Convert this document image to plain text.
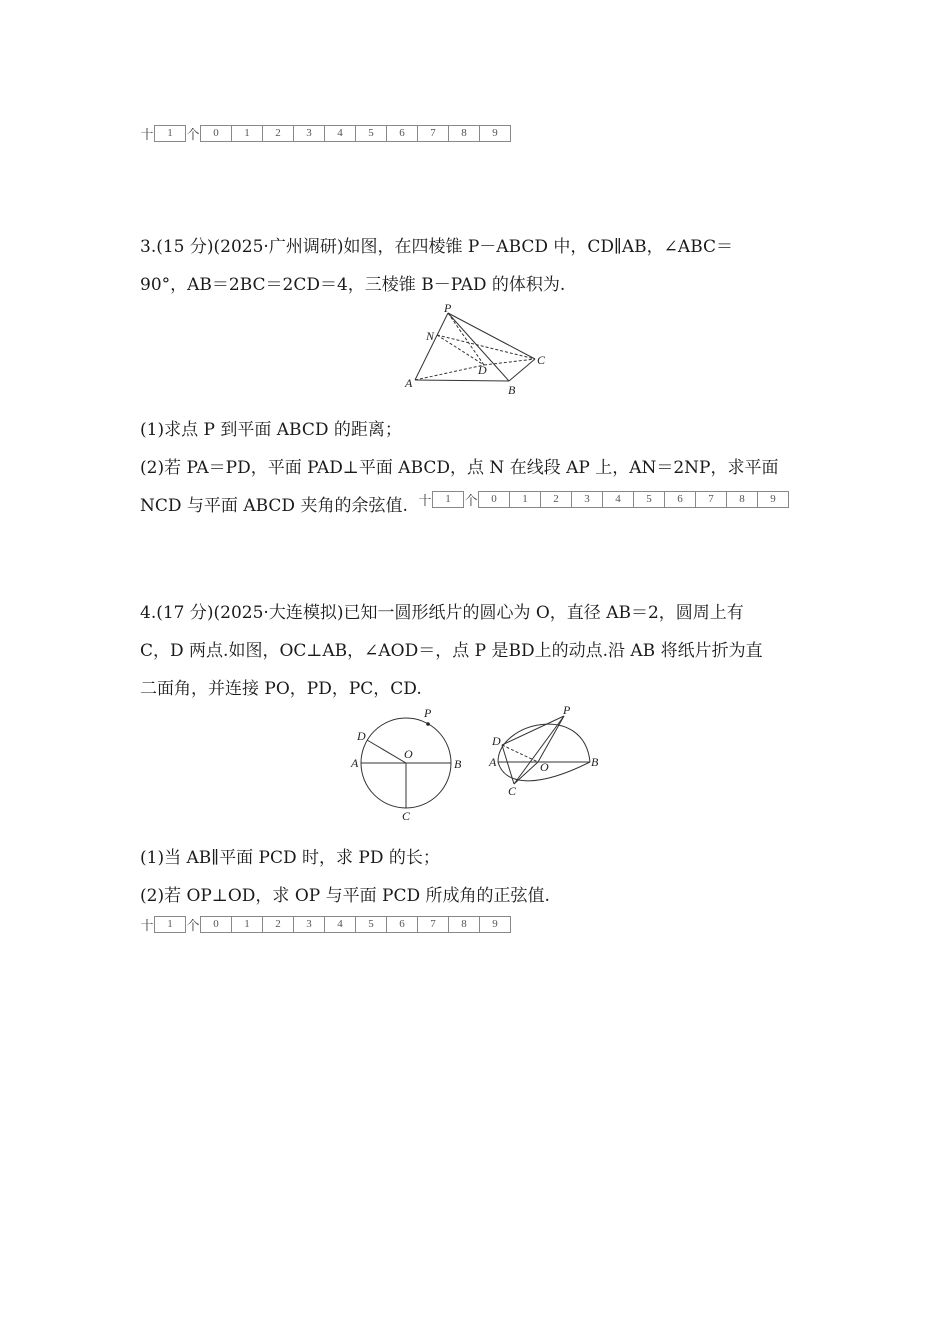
十	1	个	0	1	2	3	4	5	6	7	8	9
3.(15 分)(2025·广州调研)如图，在四棱锥 P－ABCD 中，CD∥AB，∠ABC＝
90°，AB＝2BC＝2CD＝4，三棱锥 B－PAD 的体积为.
P
N
C
D
A	B
(1)求点 P 到平面 ABCD 的距离；
(2)若 PA＝PD，平面 PAD⊥平面 ABCD，点 N 在线段 AP 上，AN＝2NP，求平面
NCD 与平面 ABCD 夹角的余弦值. 十	1	个	0	1	2	3	4	5	6	7	8	9
4.(17 分)(2025·大连模拟)已知一圆形纸片的圆心为 O，直径 AB＝2，圆周上有
C，D 两点.如图，OC⊥AB，∠AOD＝，点 P 是BD上的动点.沿 AB 将纸片折为直
二面角，并连接 PO，PD，PC，CD.
P
D
O
A	B
C
P
D
A	O	B
C
(1)当 AB∥平面 PCD 时，求 PD 的长；
(2)若 OP⊥OD，求 OP 与平面 PCD 所成角的正弦值.
十	1	个	0	1	2	3	4	5	6	7	8	9
